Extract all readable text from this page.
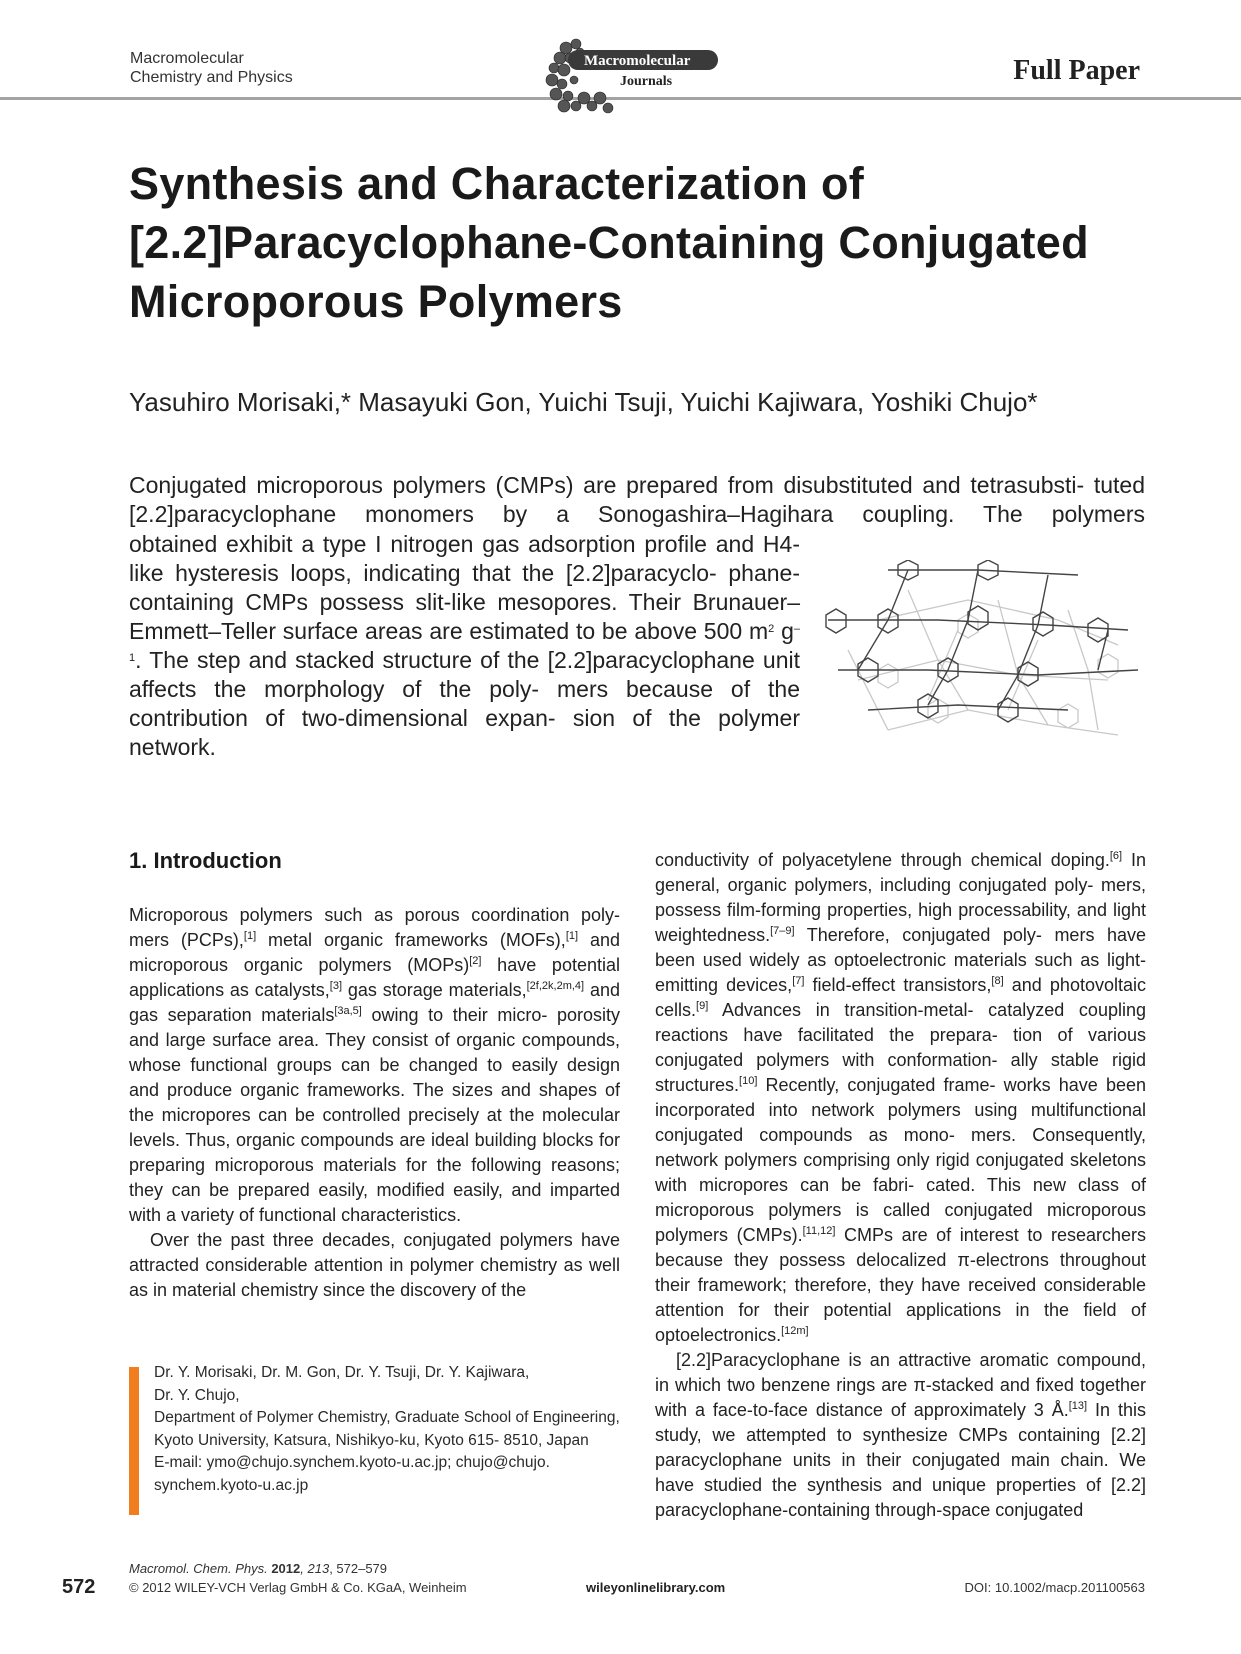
Macromolecular
Chemistry and Physics
Macromolecular
Journals	Full Paper
Synthesis and Characterization of [2.2]Paracyclophane-Containing Conjugated Microporous Polymers
Yasuhiro Morisaki,* Masayuki Gon, Yuichi Tsuji, Yuichi Kajiwara, Yoshiki Chujo*
Conjugated microporous polymers (CMPs) are prepared from disubstituted and tetrasubsti- tuted [2.2]paracyclophane monomers by a Sonogashira–Hagihara coupling. The polymers
obtained exhibit a type I nitrogen gas adsorption profile and H4-like hysteresis loops, indicating that the [2.2]paracyclo- phane-containing CMPs possess slit-like mesopores. Their Brunauer–Emmett–Teller surface areas are estimated to be above 500 $m^2$ $g^{-1}$. The step and stacked structure of the [2.2]paracyclophane unit affects the morphology of the poly- mers because of the contribution of two-dimensional expan- sion of the polymer network.
1. Introduction

Microporous polymers such as porous coordination poly- mers (PCPs),[1] metal organic frameworks (MOFs),[1] and microporous organic polymers (MOPs)[2] have potential applications as catalysts,[3] gas storage materials,[2f,2k,2m,4] and gas separation materials[3a,5] owing to their micro- porosity and large surface area. They consist of organic compounds, whose functional groups can be changed to easily design and produce organic frameworks. The sizes and shapes of the micropores can be controlled precisely at the molecular levels. Thus, organic compounds are ideal building blocks for preparing microporous materials for the following reasons; they can be prepared easily, modified easily, and imparted with a variety of functional characteristics.

Over the past three decades, conjugated polymers have attracted considerable attention in polymer chemistry as well as in material chemistry since the discovery of the

conductivity of polyacetylene through chemical doping.[6] In general, organic polymers, including conjugated poly- mers, possess film-forming properties, high processability, and light weightedness.[7–9] Therefore, conjugated poly- mers have been used widely as optoelectronic materials such as light-emitting devices,[7] field-effect transistors,[8] and photovoltaic cells.[9] Advances in transition-metal- catalyzed coupling reactions have facilitated the prepara- tion of various conjugated polymers with conformation- ally stable rigid structures.[10] Recently, conjugated frame- works have been incorporated into network polymers using multifunctional conjugated compounds as mono- mers. Consequently, network polymers comprising only rigid conjugated skeletons with micropores can be fabri- cated. This new class of microporous polymers is called conjugated microporous polymers (CMPs).[11,12] CMPs are of interest to researchers because they possess delocalized π-electrons throughout their framework; therefore, they have received considerable attention for their potential applications in the field of optoelectronics.[12m]

[2.2]Paracyclophane is an attractive aromatic compound, in which two benzene rings are π-stacked and fixed together with a face-to-face distance of approximately 3 Å.[13] In this study, we attempted to synthesize CMPs containing [2.2] paracyclophane units in their conjugated main chain. We have studied the synthesis and unique properties of [2.2] paracyclophane-containing through-space conjugated

Dr. Y. Morisaki, Dr. M. Gon, Dr. Y. Tsuji, Dr. Y. Kajiwara,
Dr. Y. Chujo,
Department of Polymer Chemistry, Graduate School of Engineering, Kyoto University, Katsura, Nishikyo-ku, Kyoto 615- 8510, Japan
E-mail: ymo@chujo.synchem.kyoto-u.ac.jp; chujo@chujo. synchem.kyoto-u.ac.jp
Macromol. Chem. Phys. 2012, 213, 572–579
572	© 2012 WILEY-VCH Verlag GmbH & Co. KGaA, Weinheim	wileyonlinelibrary.com	DOI: 10.1002/macp.201100563
